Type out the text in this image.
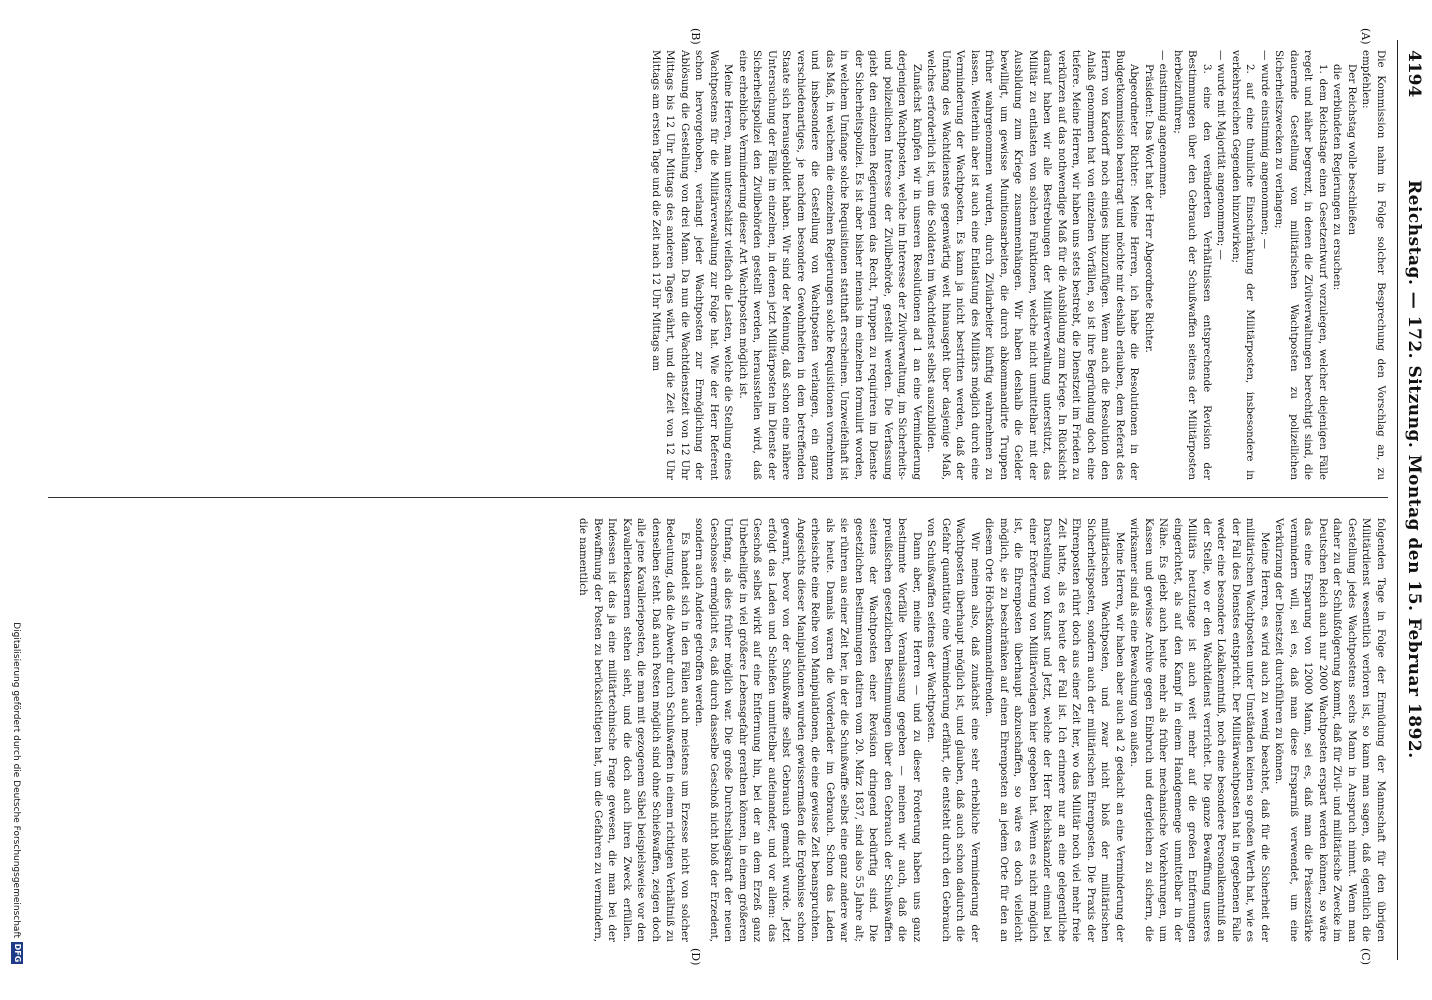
4194
Reichstag. — 172. Sitzung. Montag den 15. Februar 1892.
(A)
(B)
(C)
(D)

Die Kommission nahm in Folge solcher Besprechung den Vorschlag an, zu empfehlen:

Der Reichstag wolle beschließen

die verbündeten Regierungen zu ersuchen:

1. dem Reichstage einen Gesetzentwurf vorzulegen, welcher diejenigen Fälle regelt und näher begrenzt, in denen die Zivilverwaltungen berechtigt sind, die dauernde Gestellung von militärischen Wachtposten zu polizeilichen Sicherheitszwecken zu verlangen;

— wurde einstimmig angenommen; —

2. auf eine thunliche Einschränkung der Militärposten, insbesondere in verkehrsreichen Gegenden hinzuwirken;

— wurde mit Majorität angenommen; —

3. eine den veränderten Verhältnissen entsprechende Revision der Bestimmungen über den Gebrauch der Schußwaffen seitens der Militärposten herbeizuführen;

— einstimmig angenommen.

Präsident: Das Wort hat der Herr Abgeordnete Richter.

Abgeordneter Richter: Meine Herren, ich habe die Resolutionen in der Budgetkommission beantragt und möchte mir deshalb erlauben, dem Referat des Herrn von Kardorff noch einiges hinzuzufügen. Wenn auch die Resolution den Anlaß genommen hat von einzelnen Vorfällen, so ist ihre Begründung doch eine tiefere. Meine Herren, wir haben uns stets bestrebt, die Dienstzeit im Frieden zu verkürzen auf das nothwendige Maß für die Ausbildung zum Kriege. In Rücksicht darauf haben wir alle Bestrebungen der Militärverwaltung unterstützt, das Militär zu entlasten von solchen Funktionen, welche nicht unmittelbar mit der Ausbildung zum Kriege zusammenhängen. Wir haben deshalb die Gelder bewilligt, um gewisse Munitionsarbeiten, die durch abkommandirte Truppen früher wahrgenommen wurden, durch Zivilarbeiter künftig wahrnehmen zu lassen. Weiterhin aber ist auch eine Entlastung des Militärs möglich durch eine Verminderung der Wachtposten. Es kann ja nicht bestritten werden, daß der Umfang des Wachtdienstes gegenwärtig weit hinausgeht über dasjenige Maß, welches erforderlich ist, um die Soldaten im Wachtdienst selbst auszubilden.

Zunächst knüpfen wir in unseren Resolutionen ad 1 an eine Verminderung derjenigen Wachtposten, welche im Interesse der Zivilverwaltung, im Sicherheits- und polizeilichen Interesse der Zivilbehörde, gestellt werden. Die Verfassung giebt den einzelnen Regierungen das Recht, Truppen zu requiriren im Dienste der Sicherheitspolizei. Es ist aber bisher niemals im einzelnen formulirt worden, in welchem Umfange solche Requisitionen statthaft erscheinen. Unzweifelhaft ist das Maß, in welchem die einzelnen Regierungen solche Requisitionen vornehmen und insbesondere die Gestellung von Wachtposten verlangen, ein ganz verschiedenartiges, je nachdem besondere Gewohnheiten in dem betreffenden Staate sich herausgebildet haben. Wir sind der Meinung, daß schon eine nähere Untersuchung der Fälle im einzelnen, in denen jetzt Militärposten im Dienste der Sicherheitspolizei den Zivilbehörden gestellt werden, herausstellen wird, daß eine erhebliche Verminderung dieser Art Wachtposten möglich ist.

Meine Herren, man unterschätzt vielfach die Lasten, welche die Stellung eines Wachtpostens für die Militärverwaltung zur Folge hat. Wie der Herr Referent schon hervorgehoben, verlangt jeder Wachtposten zur Ermöglichung der Ablösung die Gestellung von drei Mann. Da nun die Wachtdienstzeit von 12 Uhr Mittags bis 12 Uhr Mittags des anderen Tages währt, und die Zeit von 12 Uhr Mittags am ersten Tage und die Zeit nach 12 Uhr Mittags am

folgenden Tage in Folge der Ermüdung der Mannschaft für den übrigen Militärdienst wesentlich verloren ist, so kann man sagen, daß eigentlich die Gestellung jedes Wachtpostens sechs Mann in Anspruch nimmt. Wenn man daher zu der Schlußfolgerung kommt, daß für Zivil- und militärische Zwecke im Deutschen Reich auch nur 2000 Wachtposten erspart werden können, so wäre das eine Ersparung von 12000 Mann, sei es, daß man die Präsenzstärke vermindern will, sei es, daß man diese Ersparniß verwendet, um eine Verkürzung der Dienstzeit durchführen zu können.

Meine Herren, es wird auch zu wenig beachtet, daß für die Sicherheit der militärischen Wachtposten unter Umständen keinen so großen Werth hat, wie es der Fall des Dienstes entspricht. Der Militärwachtposten hat in gegebenen Falle weder eine besondere Lokalkenntniß, noch eine besondere Personalkenntniß an der Stelle, wo er den Wachtdienst verrichtet. Die ganze Bewaffnung unseres Militärs heutzutage ist auch weit mehr auf die großen Entfernungen eingerichtet, als auf den Kampf in einem Handgemenge unmittelbar in der Nähe. Es giebt auch heute mehr als früher mechanische Vorkehrungen, um Kassen und gewisse Archive gegen Einbruch und dergleichen zu sichern, die wirksamer sind als eine Bewachung von außen.

Meine Herren, wir haben aber auch ad 2 gedacht an eine Verminderung der militärischen Wachtposten, und zwar nicht bloß der militärischen Sicherheitsposten, sondern auch der militärischen Ehrenposten. Die Praxis der Ehrenposten rührt doch aus einer Zeit her, wo das Militär noch viel mehr freie Zeit hatte, als es heute der Fall ist. Ich erinnere nur an eine gelegentliche Darstellung von Kunst und Jetzt, welche der Herr Reichskanzler einmal bei einer Erörterung von Militärvorlagen hier gegeben hat. Wenn es nicht möglich ist, die Ehrenposten überhaupt abzuschaffen, so wäre es doch vielleicht möglich, sie zu beschränken auf einen Ehrenposten an jedem Orte für den an diesem Orte Höchstkommandirenden.

Wir meinen also, daß zunächst eine sehr erhebliche Verminderung der Wachtposten überhaupt möglich ist, und glauben, daß auch schon dadurch die Gefahr quantitativ eine Verminderung erfährt, die entsteht durch den Gebrauch von Schußwaffen seitens der Wachtposten.

Dann aber, meine Herren — und zu dieser Forderung haben uns ganz bestimmte Vorfälle Veranlassung gegeben — meinen wir auch, daß die preußischen gesetzlichen Bestimmungen über den Gebrauch der Schußwaffen seitens der Wachtposten einer Revision dringend bedürftig sind. Die gesetzlichen Bestimmungen datiren vom 20. März 1837, sind also 55 Jahre alt; sie rühren aus einer Zeit her, in der die Schußwaffe selbst eine ganz andere war als heute. Damals waren die Vorderlader im Gebrauch. Schon das Laden erheischte eine Reihe von Manipulationen, die eine gewisse Zeit beanspruchten. Angesichts dieser Manipulationen wurden gewissermaßen die Ergebnisse schon gewarnt, bevor von der Schußwaffe selbst Gebrauch gemacht wurde. Jetzt erfolgt das Laden und Schießen unmittelbar aufeinander, und vor allem: das Geschoß selbst wirkt auf eine Entfernung hin, bei der an dem Erzeß ganz Unbetheiligte in viel größere Lebensgefahr gerathen können, in einem größeren Umfang, als dies früher möglich war. Die große Durchschlagskraft der neuen Geschosse ermöglicht es, daß durch dasselbe Geschoß nicht bloß der Erzedent, sondern auch Andere getroffen werden.

Es handelt sich in den Fällen auch meistens um Erzesse nicht von solcher Bedeutung, daß die Abwehr durch Schußwaffen in einem richtigen Verhältniß zu denselben steht. Daß auch Posten möglich sind ohne Schießwaffen, zeigen doch alle jene Kavallerieposten, die man mit gezogenem Säbel beispielsweise vor den Kavalleriekasernen stehen sieht, und die doch auch ihren Zweck erfüllen. Indessen ist das ja eine militärtechnische Frage gewesen, die man bei der Bewaffnung der Posten zu berücksichtigen hat, um die Gefahren zu vermindern, die namentlich

Digitalisierung gefördert durch die Deutsche Forschungsgemeinschaft
DFG
